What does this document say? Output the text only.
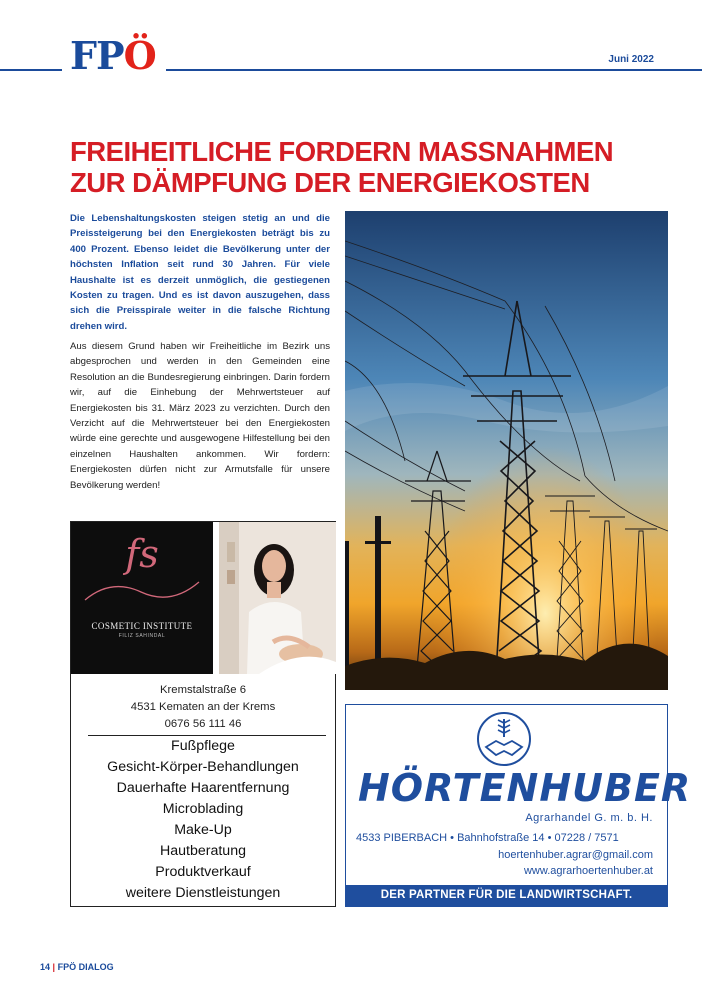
FPÖ	Juni 2022
FREIHEITLICHE FORDERN MASSNAHMEN ZUR DÄMPFUNG DER ENERGIEKOSTEN

Die Lebenshaltungskosten steigen stetig an und die Preissteigerung bei den Energiekosten beträgt bis zu 400 Prozent. Ebenso leidet die Bevölkerung unter der höchsten Inflation seit rund 30 Jahren. Für viele Haushalte ist es derzeit unmöglich, die gestiegenen Kosten zu tragen. Und es ist davon auszugehen, dass sich die Preisspirale weiter in die falsche Richtung drehen wird.

Aus diesem Grund haben wir Freiheitliche im Bezirk uns abgesprochen und werden in den Gemeinden eine Resolution an die Bundesregierung einbringen. Darin fordern wir, auf die Einhebung der Mehrwertsteuer auf Energiekosten bis 31. März 2023 zu verzichten. Durch den Verzicht auf die Mehrwertsteuer bei den Energiekosten würde eine gerechte und ausgewogene Hilfestellung bei den einzelnen Haushalten ankommen. Wir fordern: Energiekosten dürfen nicht zur Armutsfalle für unsere Bevölkerung werden!

fs
COSMETIC INSTITUTE
FILIZ SAHINDAL
Kremstalstraße 6
4531 Kematen an der Krems
0676 56 111 46
Fußpflege
Gesicht-Körper-Behandlungen
Dauerhafte Haarentfernung
Microblading
Make-Up
Hautberatung
Produktverkauf
weitere Dienstleistungen
HÖRTENHUBER
Agrarhandel G. m. b. H.
4533 PIBERBACH • Bahnhofstraße 14 • 07228 / 7571
hoertenhuber.agrar@gmail.com
www.agrarhoertenhuber.at
DER PARTNER FÜR DIE LANDWIRTSCHAFT.
14 | FPÖ DIALOG
